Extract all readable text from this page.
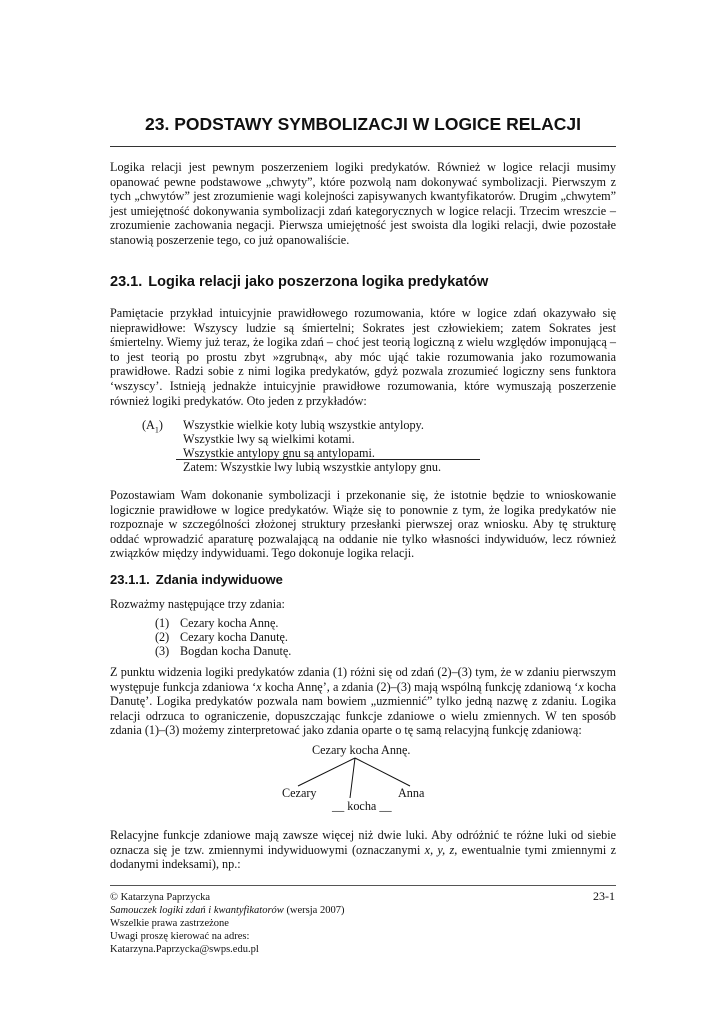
23. PODSTAWY SYMBOLIZACJI W LOGICE RELACJI
Logika relacji jest pewnym poszerzeniem logiki predykatów. Również w logice relacji musimy opanować pewne podstawowe „chwyty”, które pozwolą nam dokonywać symbolizacji. Pierwszym z tych „chwytów” jest zrozumienie wagi kolejności zapisywanych kwantyfikatorów. Drugim „chwytem” jest umiejętność dokonywania symbolizacji zdań kategorycznych w logice relacji. Trzecim wreszcie – zrozumienie zachowania negacji. Pierwsza umiejętność jest swoista dla logiki relacji, dwie pozostałe stanowią poszerzenie tego, co już opanowaliście.
23.1. Logika relacji jako poszerzona logika predykatów
Pamiętacie przykład intuicyjnie prawidłowego rozumowania, które w logice zdań okazywało się nieprawidłowe: Wszyscy ludzie są śmiertelni; Sokrates jest człowiekiem; zatem Sokrates jest śmiertelny. Wiemy już teraz, że logika zdań – choć jest teorią logiczną z wielu względów imponującą – to jest teorią po prostu zbyt »zgrubną«, aby móc ująć takie rozumowania jako rozumowania prawidłowe. Radzi sobie z nimi logika predykatów, gdyż pozwala zrozumieć logiczny sens funktora ‘wszyscy’. Istnieją jednakże intuicyjnie prawidłowe rozumowania, które wymuszają poszerzenie również logiki predykatów. Oto jeden z przykładów:
$(A_1)$ Wszystkie wielkie koty lubią wszystkie antylopy.
Wszystkie lwy są wielkimi kotami.
Wszystkie antylopy gnu są antylopami.
Zatem: Wszystkie lwy lubią wszystkie antylopy gnu.
Pozostawiam Wam dokonanie symbolizacji i przekonanie się, że istotnie będzie to wnioskowanie logicznie prawidłowe w logice predykatów. Wiąże się to ponownie z tym, że logika predykatów nie rozpoznaje w szczególności złożonej struktury przesłanki pierwszej oraz wniosku. Aby tę strukturę oddać wprowadzić aparaturę pozwalającą na oddanie nie tylko własności indywiduów, lecz również związków między indywiduami. Tego dokonuje logika relacji.
23.1.1. Zdania indywiduowe
Rozważmy następujące trzy zdania:
(1) Cezary kocha Annę.
(2) Cezary kocha Danutę.
(3) Bogdan kocha Danutę.
Z punktu widzenia logiki predykatów zdania (1) różni się od zdań (2)–(3) tym, że w zdaniu pierwszym występuje funkcja zdaniowa ‘x kocha Annę’, a zdania (2)–(3) mają wspólną funkcję zdaniową ‘x kocha Danutę’. Logika predykatów pozwala nam bowiem „uzmiennić” tylko jedną nazwę z zdaniu. Logika relacji odrzuca to ograniczenie, dopuszczając funkcje zdaniowe o wielu zmiennych. W ten sposób zdania (1)–(3) możemy zinterpretować jako zdania oparte o tę samą relacyjną funkcję zdaniową:
Cezary kocha Annę.
Cezary	Anna
__ kocha __
Relacyjne funkcje zdaniowe mają zawsze więcej niż dwie luki. Aby odróżnić te różne luki od siebie oznacza się je tzw. zmiennymi indywiduowymi (oznaczanymi x, y, z, ewentualnie tymi zmiennymi z dodanymi indeksami), np.:
© Katarzyna Paprzycka
Samouczek logiki zdań i kwantyfikatorów (wersja 2007)
Wszelkie prawa zastrzeżone
Uwagi proszę kierować na adres:
Katarzyna.Paprzycka@swps.edu.pl
23-1
